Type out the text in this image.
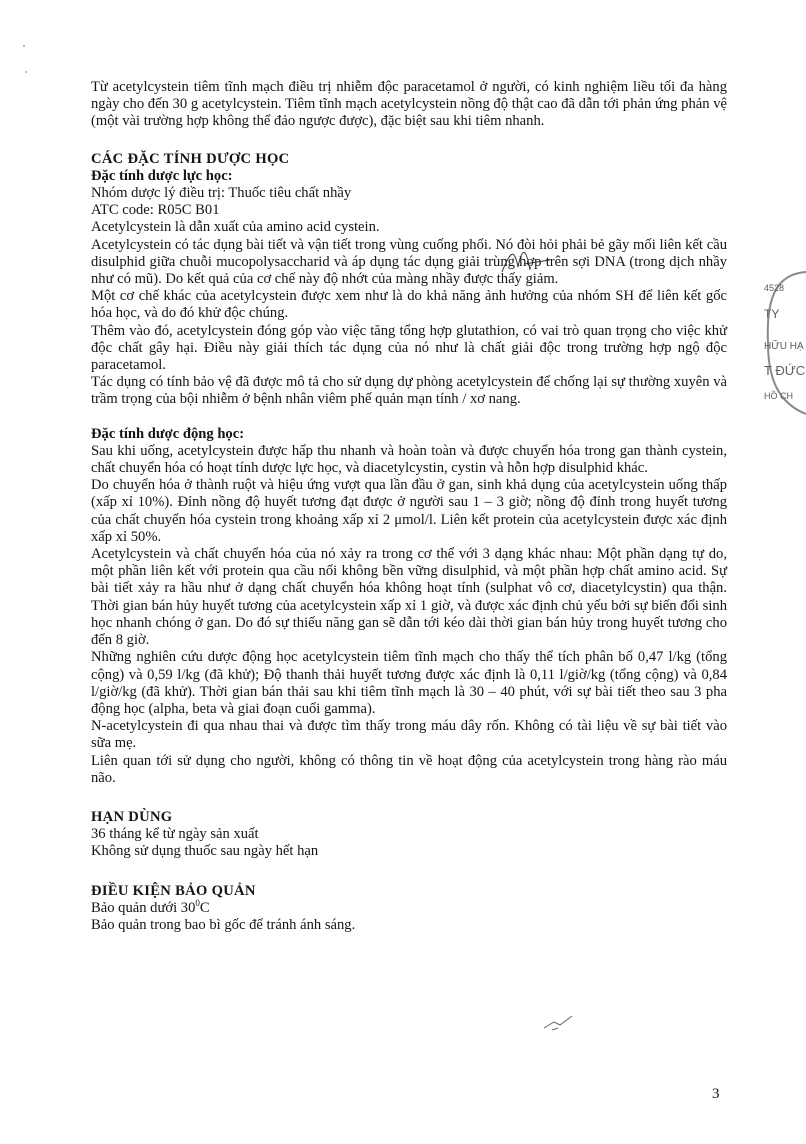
Từ acetylcystein tiêm tĩnh mạch điều trị nhiễm độc paracetamol ở người, có kinh nghiệm liều tối đa hàng ngày cho đến 30 g acetylcystein. Tiêm tĩnh mạch acetylcystein nồng độ thật cao đã dẫn tới phản ứng phản vệ (một vài trường hợp không thể đảo ngược được), đặc biệt sau khi tiêm nhanh.

CÁC ĐẶC TÍNH DƯỢC HỌC

Đặc tính dược lực học:

Nhóm dược lý điều trị: Thuốc tiêu chất nhầy

ATC code: R05C B01

Acetylcystein là dẫn xuất của amino acid cystein.

Acetylcystein có tác dụng bài tiết và vận tiết trong vùng cuống phổi. Nó đòi hỏi phải bẻ gãy mối liên kết cầu disulphid giữa chuỗi mucopolysaccharid và áp dụng tác dụng giải trùng hợp trên sợi DNA (trong dịch nhầy như có mũ). Do kết quả của cơ chế này độ nhớt của màng nhầy được thấy giảm.

Một cơ chế khác của acetylcystein được xem như là do khả năng ảnh hưởng của nhóm SH để liên kết gốc hóa học, và do đó khử độc chúng.

Thêm vào đó, acetylcystein đóng góp vào việc tăng tổng hợp glutathion, có vai trò quan trọng cho việc khử độc chất gây hại. Điều này giải thích tác dụng của nó như là chất giải độc trong trường hợp ngộ độc paracetamol.

Tác dụng có tính bảo vệ đã được mô tả cho sử dụng dự phòng acetylcystein để chống lại sự thường xuyên và trầm trọng của bội nhiễm ở bệnh nhân viêm phế quản mạn tính / xơ nang.

Đặc tính dược động học:

Sau khi uống, acetylcystein được hấp thu nhanh và hoàn toàn và được chuyển hóa trong gan thành cystein, chất chuyển hóa có hoạt tính dược lực học, và diacetylcystin, cystin và hỗn hợp disulphid khác.

Do chuyển hóa ở thành ruột và hiệu ứng vượt qua lần đầu ở gan, sinh khả dụng của acetylcystein uống thấp (xấp xỉ 10%). Đỉnh nồng độ huyết tương đạt được ở người sau 1 – 3 giờ; nồng độ đỉnh trong huyết tương của chất chuyển hóa cystein trong khoảng xấp xỉ 2 μmol/l. Liên kết protein của acetylcystein được xác định xấp xỉ 50%.

Acetylcystein và chất chuyển hóa của nó xảy ra trong cơ thể với 3 dạng khác nhau: Một phần dạng tự do, một phần liên kết với protein qua cầu nối không bền vững disulphid, và một phần hợp chất amino acid. Sự bài tiết xảy ra hầu như ở dạng chất chuyển hóa không hoạt tính (sulphat vô cơ, diacetylcystin) qua thận. Thời gian bán hủy huyết tương của acetylcystein xấp xỉ 1 giờ, và được xác định chủ yếu bởi sự biến đổi sinh học nhanh chóng ở gan. Do đó sự thiếu năng gan sẽ dẫn tới kéo dài thời gian bán hủy trong huyết tương cho đến 8 giờ.

Những nghiên cứu dược động học acetylcystein tiêm tĩnh mạch cho thấy thể tích phân bố 0,47 l/kg (tổng cộng) và 0,59 l/kg (đã khử); Độ thanh thải huyết tương được xác định là 0,11 l/giờ/kg (tổng cộng) và 0,84 l/giờ/kg (đã khử). Thời gian bán thải sau khi tiêm tĩnh mạch là 30 – 40 phút, với sự bài tiết theo sau 3 pha động học (alpha, beta và giai đoạn cuối gamma).

N-acetylcystein đi qua nhau thai và được tìm thấy trong máu dây rốn. Không có tài liệu về sự bài tiết vào sữa mẹ.

Liên quan tới sử dụng cho người, không có thông tin về hoạt động của acetylcystein trong hàng rào máu não.

HẠN DÙNG

36 tháng kể từ ngày sản xuất

Không sử dụng thuốc sau ngày hết hạn

ĐIỀU KIỆN BẢO QUẢN

Bảo quản dưới $30^0C$

Bảo quản trong bao bì gốc để tránh ánh sáng.

4528
TY
HỮU HẠ
T ĐỨC
HỒ CH
3
